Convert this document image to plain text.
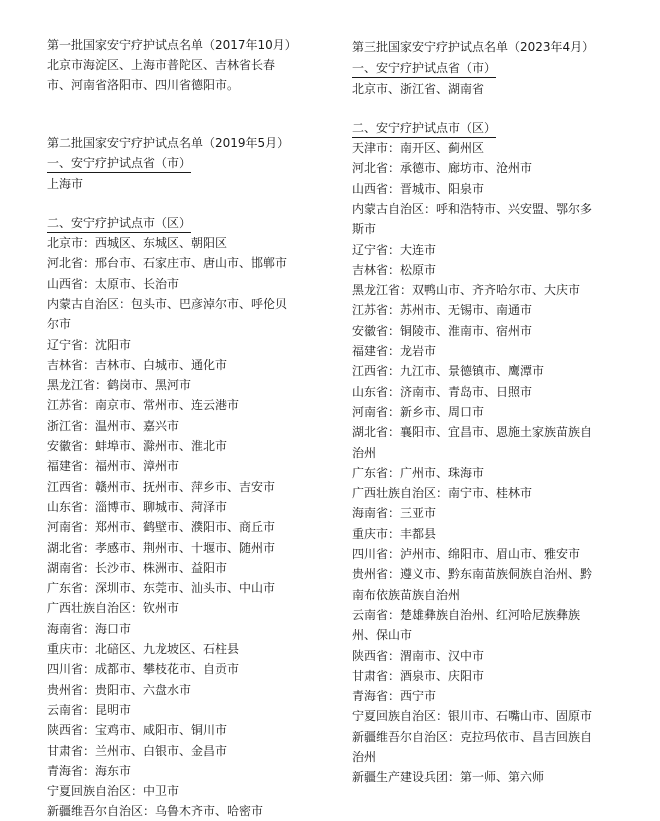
第一批国家安宁疗护试点名单（2017年10月）
北京市海淀区、上海市普陀区、吉林省长春
市、河南省洛阳市、四川省德阳市。
第二批国家安宁疗护试点名单（2019年5月）
一、安宁疗护试点省（市）
上海市
二、安宁疗护试点市（区）
北京市：西城区、东城区、朝阳区
河北省：邢台市、石家庄市、唐山市、邯郸市
山西省：太原市、长治市
内蒙古自治区：包头市、巴彦淖尔市、呼伦贝
尔市
辽宁省：沈阳市
吉林省：吉林市、白城市、通化市
黑龙江省：鹤岗市、黑河市
江苏省：南京市、常州市、连云港市
浙江省：温州市、嘉兴市
安徽省：蚌埠市、滁州市、淮北市
福建省：福州市、漳州市
江西省：赣州市、抚州市、萍乡市、吉安市
山东省：淄博市、聊城市、菏泽市
河南省：郑州市、鹤壁市、濮阳市、商丘市
湖北省：孝感市、荆州市、十堰市、随州市
湖南省：长沙市、株洲市、益阳市
广东省：深圳市、东莞市、汕头市、中山市
广西壮族自治区：钦州市
海南省：海口市
重庆市：北碚区、九龙坡区、石柱县
四川省：成都市、攀枝花市、自贡市
贵州省：贵阳市、六盘水市
云南省：昆明市
陕西省：宝鸡市、咸阳市、铜川市
甘肃省：兰州市、白银市、金昌市
青海省：海东市
宁夏回族自治区：中卫市
新疆维吾尔自治区：乌鲁木齐市、哈密市
第三批国家安宁疗护试点名单（2023年4月）
一、安宁疗护试点省（市）
北京市、浙江省、湖南省
二、安宁疗护试点市（区）
天津市：南开区、蓟州区
河北省：承德市、廊坊市、沧州市
山西省：晋城市、阳泉市
内蒙古自治区：呼和浩特市、兴安盟、鄂尔多
斯市
辽宁省：大连市
吉林省：松原市
黑龙江省：双鸭山市、齐齐哈尔市、大庆市
江苏省：苏州市、无锡市、南通市
安徽省：铜陵市、淮南市、宿州市
福建省：龙岩市
江西省：九江市、景德镇市、鹰潭市
山东省：济南市、青岛市、日照市
河南省：新乡市、周口市
湖北省：襄阳市、宜昌市、恩施土家族苗族自
治州
广东省：广州市、珠海市
广西壮族自治区：南宁市、桂林市
海南省：三亚市
重庆市：丰都县
四川省：泸州市、绵阳市、眉山市、雅安市
贵州省：遵义市、黔东南苗族侗族自治州、黔
南布依族苗族自治州
云南省：楚雄彝族自治州、红河哈尼族彝族
州、保山市
陕西省：渭南市、汉中市
甘肃省：酒泉市、庆阳市
青海省：西宁市
宁夏回族自治区：银川市、石嘴山市、固原市
新疆维吾尔自治区：克拉玛依市、昌吉回族自
治州
新疆生产建设兵团：第一师、第六师
